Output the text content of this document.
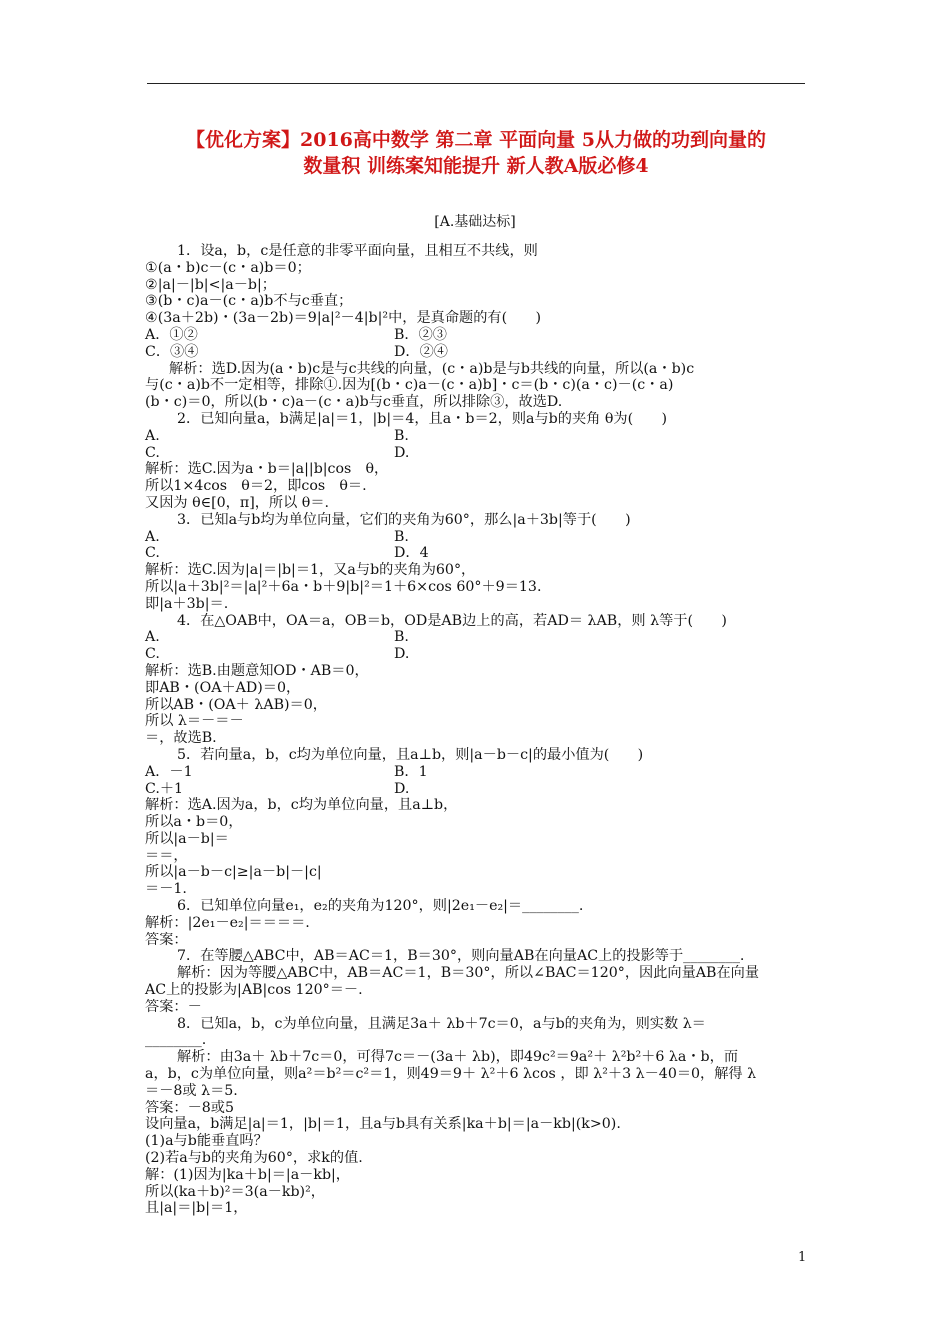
【优化方案】2016高中数学 第二章 平面向量 5从力做的功到向量的
数量积 训练案知能提升 新人教A版必修4
[A.基础达标]
1．设a，b，c是任意的非零平面向量，且相互不共线，则
①(a・b)c－(c・a)b＝0；
②|a|－|b|<|a－b|；
③(b・c)a－(c・a)b不与c垂直；
④(3a＋2b)・(3a－2b)＝9|a|²－4|b|²中，是真命题的有(　　)
A．①②	B．②③
C．③④	D．②④
解析：选D.因为(a・b)c是与c共线的向量，(c・a)b是与b共线的向量，所以(a・b)c
与(c・a)b不一定相等，排除①.因为[(b・c)a－(c・a)b]・c＝(b・c)(a・c)－(c・a)
(b・c)＝0，所以(b・c)a－(c・a)b与c垂直，所以排除③，故选D.
2．已知向量a，b满足|a|＝1，|b|＝4，且a・b＝2，则a与b的夹角 θ为(　　)
A.	B.
C.	D.
解析：选C.因为a・b＝|a||b|cos　θ，
所以1×4cos　θ＝2，即cos　θ＝.
又因为 θ∈[0，π]，所以 θ＝.
3．已知a与b均为单位向量，它们的夹角为60°，那么|a＋3b|等于(　　)
A.	B.
C.	D．4
解析：选C.因为|a|＝|b|＝1，又a与b的夹角为60°，
所以|a＋3b|²＝|a|²＋6a・b＋9|b|²＝1＋6×cos 60°＋9＝13.
即|a＋3b|＝.
4．在△OAB中，OA＝a，OB＝b，OD是AB边上的高，若AD＝ λAB，则 λ等于(　　)
A.	B.
C.	D.
解析：选B.由题意知OD・AB＝0，
即AB・(OA＋AD)＝0，
所以AB・(OA＋ λAB)＝0，
所以 λ＝－＝－
＝，故选B.
5．若向量a，b，c均为单位向量，且a⊥b，则|a－b－c|的最小值为(　　)
A．－1	B．1
C.＋1	D.
解析：选A.因为a，b，c均为单位向量，且a⊥b，
所以a・b＝0，
所以|a－b|＝
＝＝，
所以|a－b－c|≥|a－b|－|c|
＝－1.
6．已知单位向量e₁，e₂的夹角为120°，则|2e₁－e₂|＝________.
解析：|2e₁－e₂|＝＝＝＝.
答案：
7．在等腰△ABC中，AB＝AC＝1，B＝30°，则向量AB在向量AC上的投影等于________.
解析：因为等腰△ABC中，AB＝AC＝1，B＝30°，所以∠BAC＝120°，因此向量AB在向量
AC上的投影为|AB|cos 120°＝－.
答案：－
8．已知a，b，c为单位向量，且满足3a＋ λb＋7c＝0，a与b的夹角为，则实数 λ＝
________.
解析：由3a＋ λb＋7c＝0，可得7c＝－(3a＋ λb)，即49c²＝9a²＋ λ²b²＋6 λa・b，而
a，b，c为单位向量，则a²＝b²＝c²＝1，则49＝9＋ λ²＋6 λcos ，即 λ²＋3 λ－40＝0，解得 λ
＝－8或 λ＝5.
答案：－8或5
设向量a，b满足|a|＝1，|b|＝1，且a与b具有关系|ka＋b|＝|a－kb|(k>0).
(1)a与b能垂直吗？
(2)若a与b的夹角为60°，求k的值.
解：(1)因为|ka＋b|＝|a－kb|，
所以(ka＋b)²＝3(a－kb)²，
且|a|＝|b|＝1，
1
